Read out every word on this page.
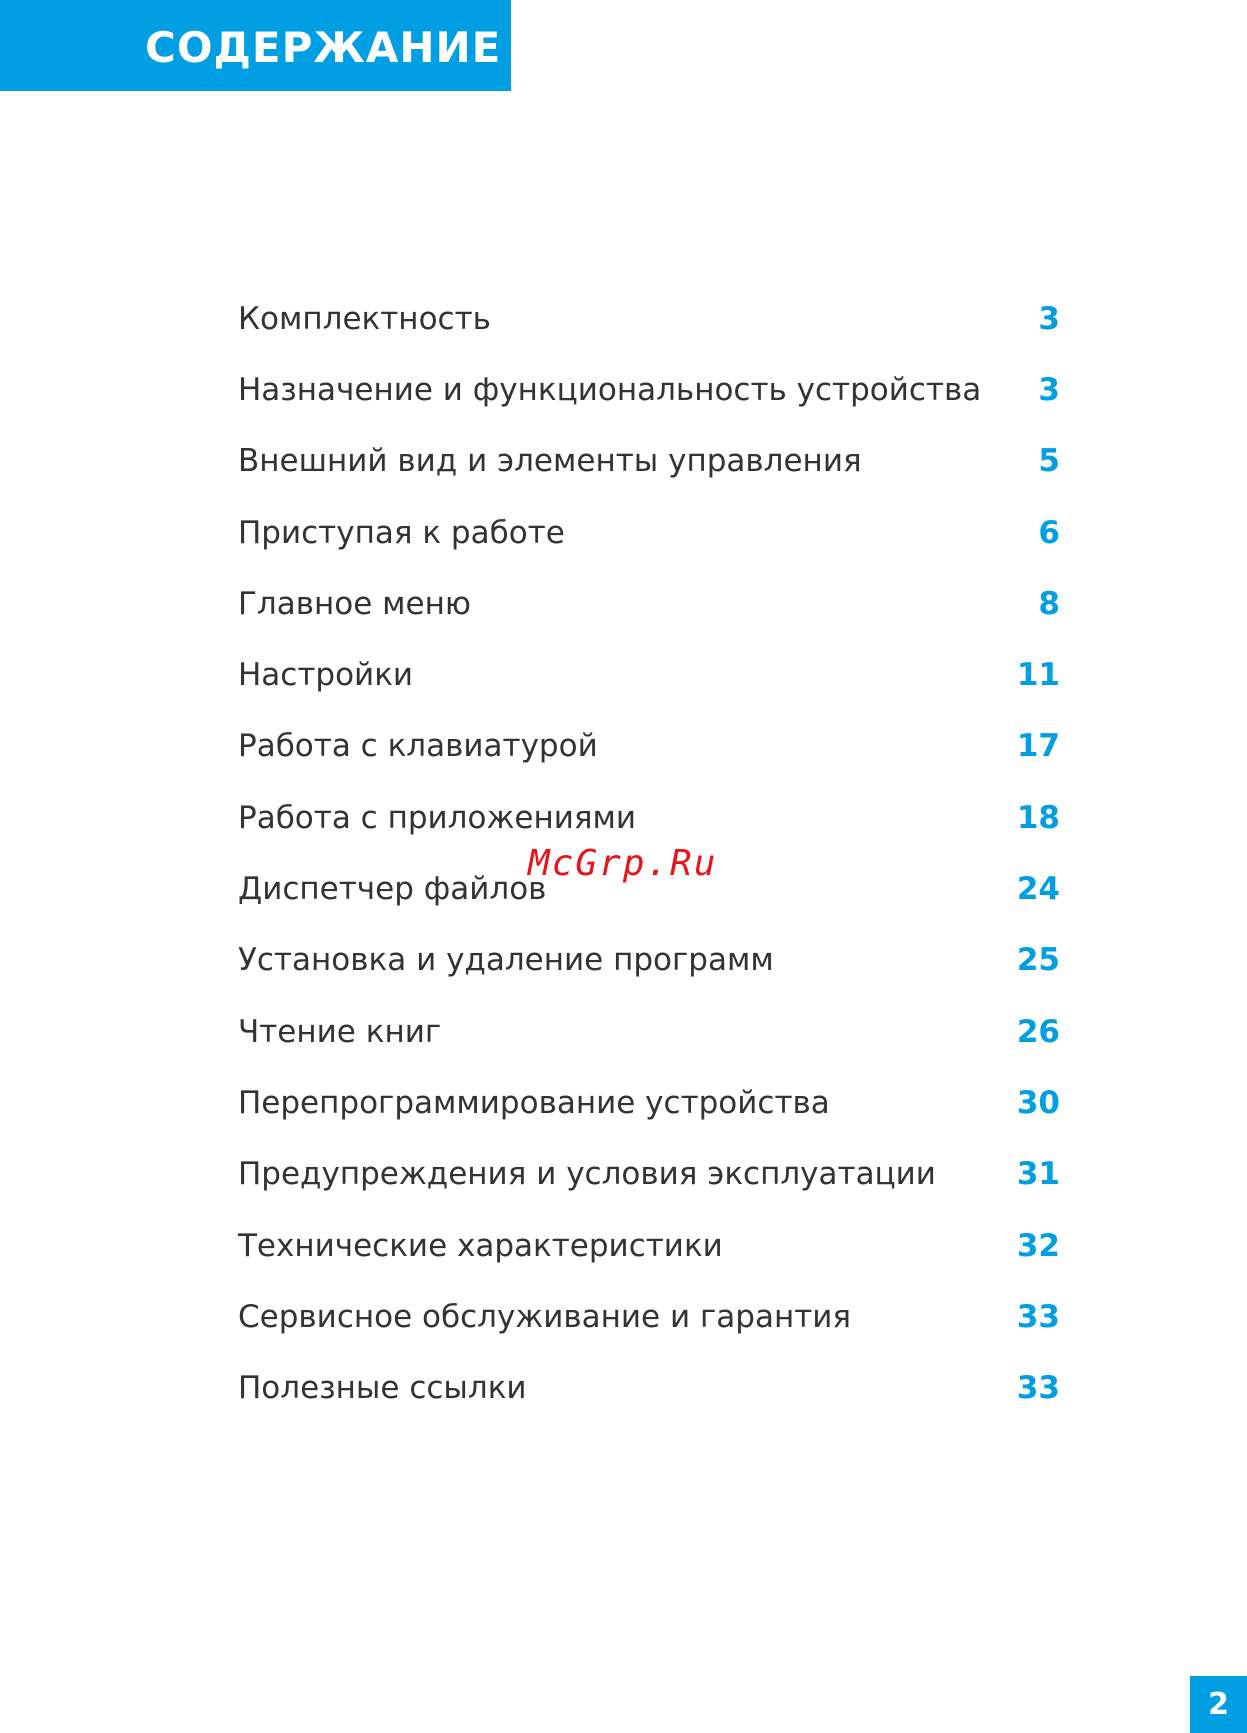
СОДЕРЖАНИЕ
Комплектность	3
Назначение и функциональность устройства	3
Внешний вид и элементы управления	5
Приступая к работе	6
Главное меню	8
Настройки	11
Работа с клавиатурой	17
Работа с приложениями	18
Диспетчер файлов	24
Установка и удаление программ	25
Чтение книг	26
Перепрограммирование устройства	30
Предупреждения и условия эксплуатации	31
Технические характеристики	32
Сервисное обслуживание и гарантия	33
Полезные ссылки	33
McGrp.Ru
2
